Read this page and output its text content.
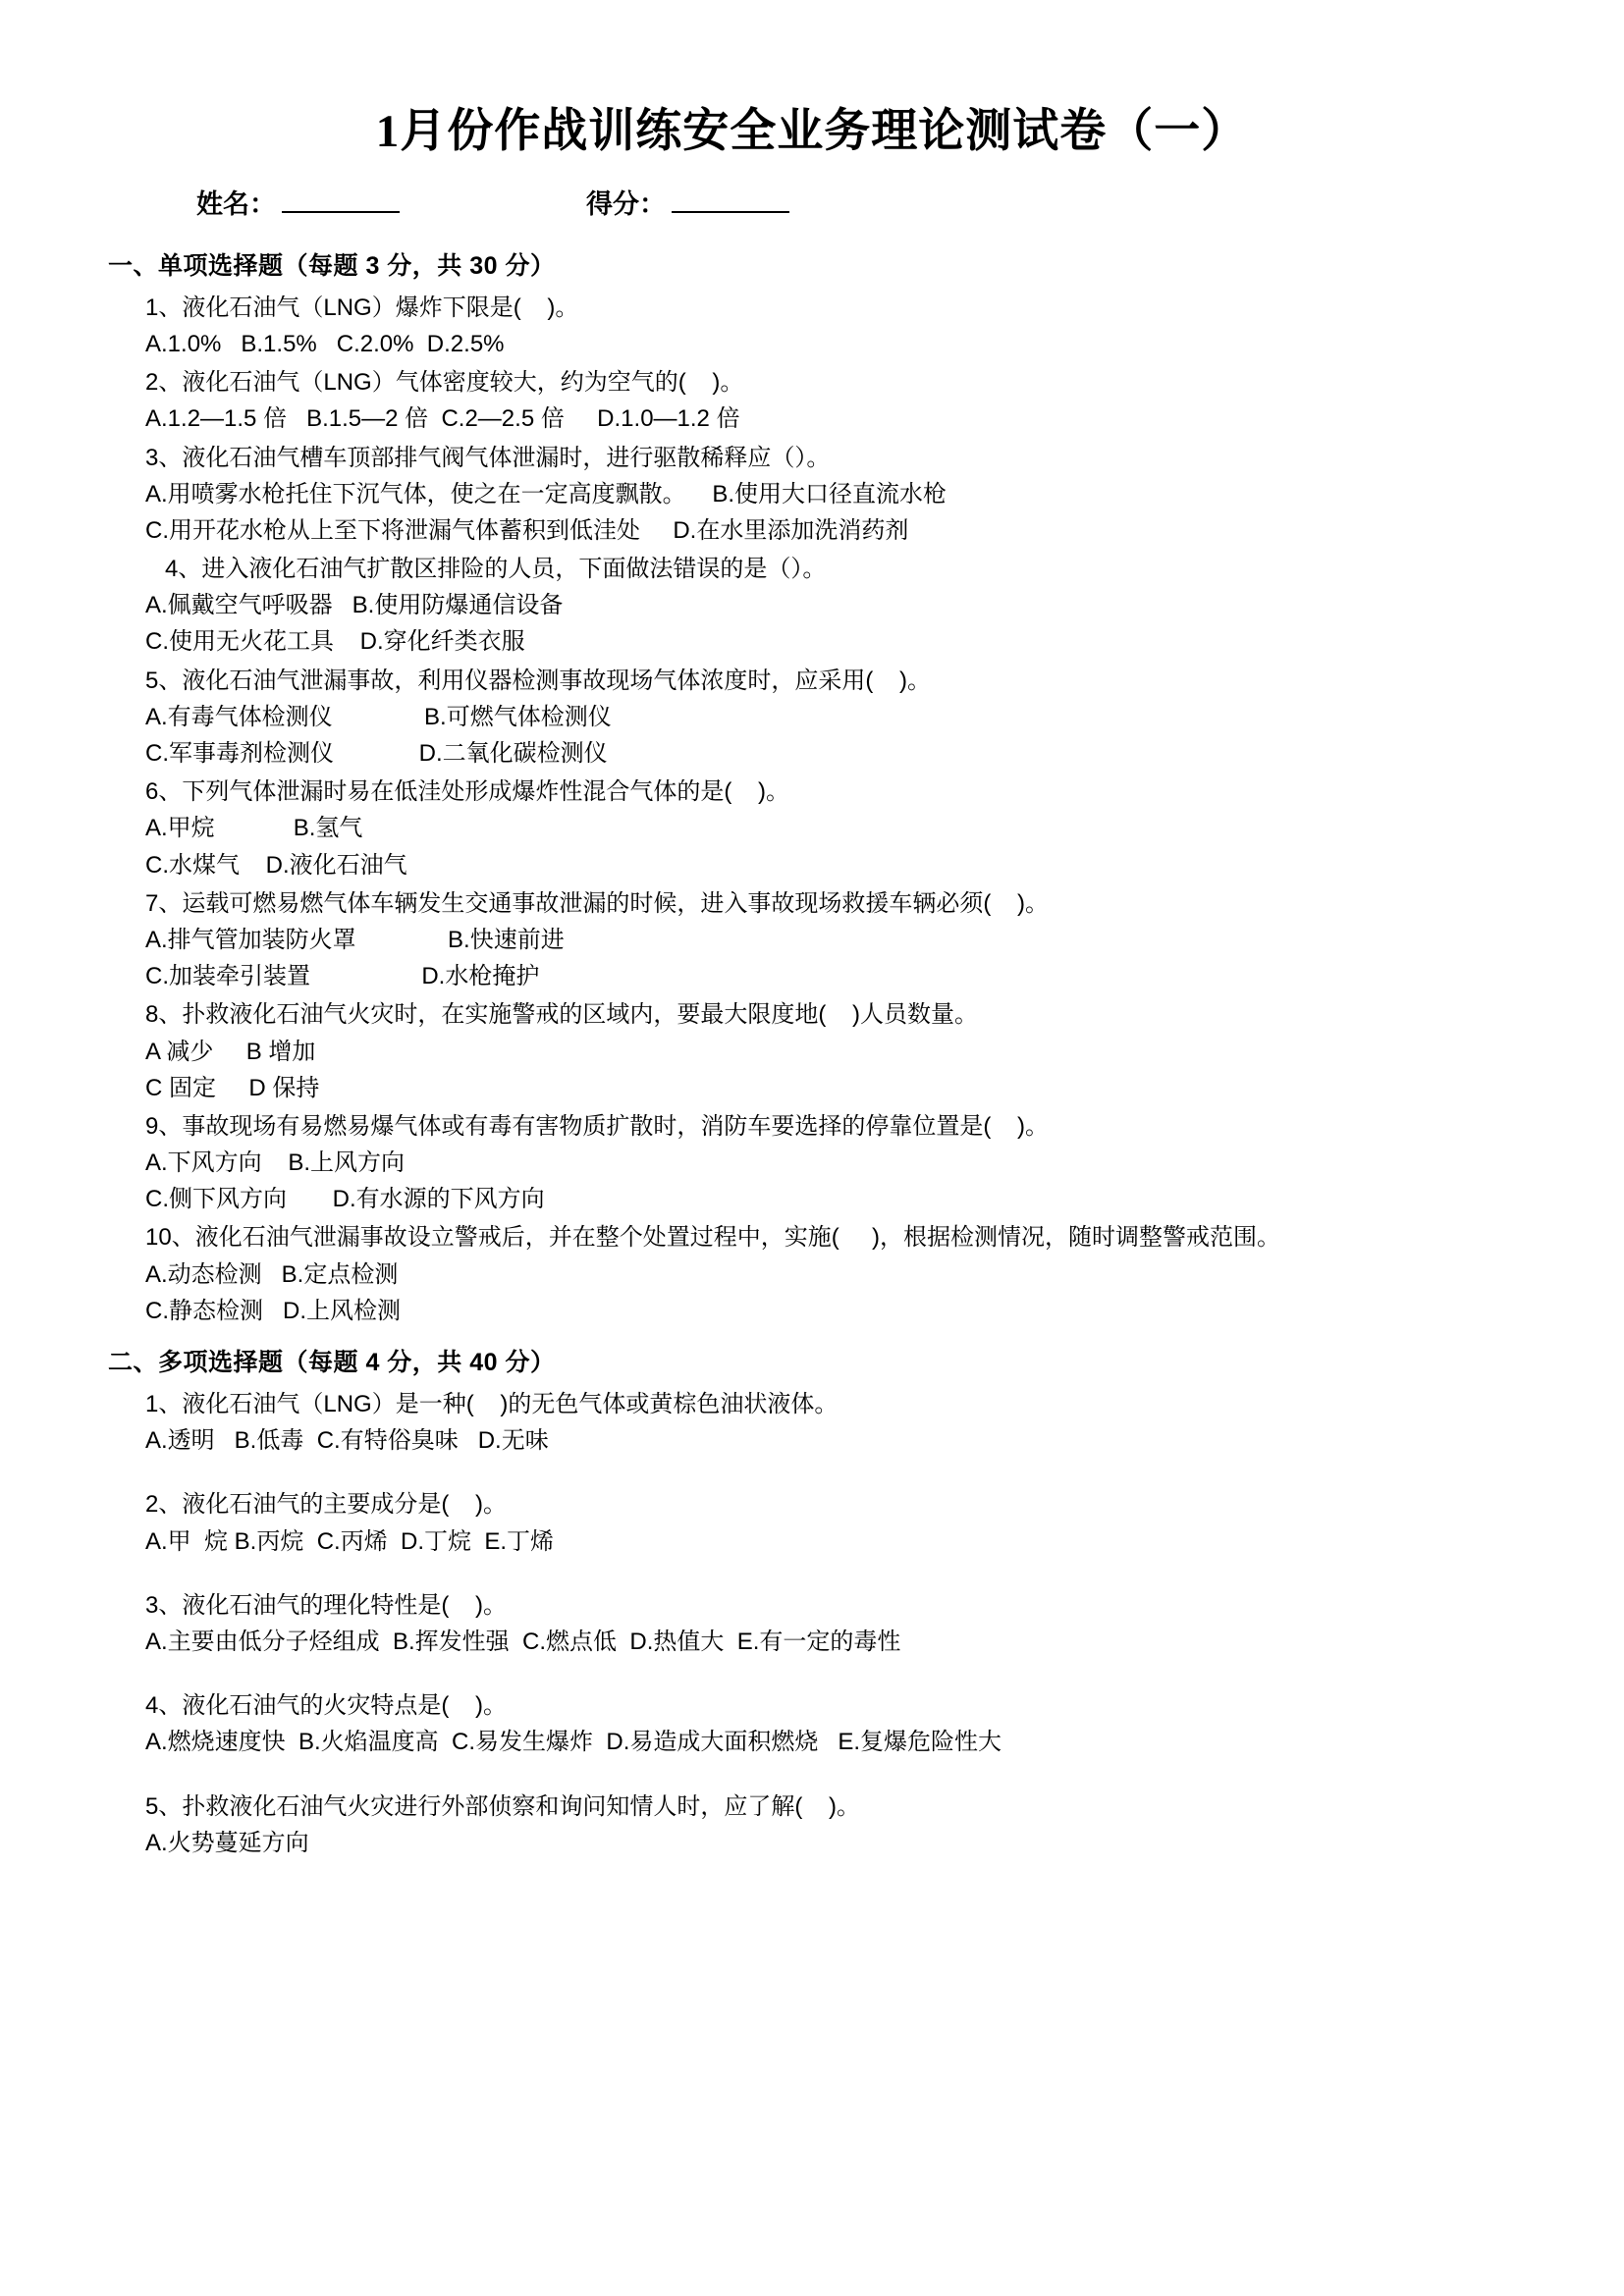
1月份作战训练安全业务理论测试卷（一）
姓名：	得分：
一、单项选择题（每题 3 分，共 30 分）

1、液化石油气（LNG）爆炸下限是(    )。

A.1.0%   B.1.5%   C.2.0%  D.2.5%

2、液化石油气（LNG）气体密度较大，约为空气的(    )。

A.1.2—1.5 倍   B.1.5—2 倍  C.2—2.5 倍     D.1.0—1.2 倍

3、液化石油气槽车顶部排气阀气体泄漏时，进行驱散稀释应（）。

A.用喷雾水枪托住下沉气体，使之在一定高度飘散。    B.使用大口径直流水枪

C.用开花水枪从上至下将泄漏气体蓄积到低洼处     D.在水里添加洗消药剂

4、进入液化石油气扩散区排险的人员，下面做法错误的是（）。

A.佩戴空气呼吸器   B.使用防爆通信设备

C.使用无火花工具    D.穿化纤类衣服

5、液化石油气泄漏事故，利用仪器检测事故现场气体浓度时，应采用(    )。

A.有毒气体检测仪              B.可燃气体检测仪

C.军事毒剂检测仪             D.二氧化碳检测仪

6、下列气体泄漏时易在低洼处形成爆炸性混合气体的是(    )。

A.甲烷            B.氢气

C.水煤气    D.液化石油气

7、运载可燃易燃气体车辆发生交通事故泄漏的时候，进入事故现场救援车辆必须(    )。

A.排气管加装防火罩              B.快速前进

C.加装牵引装置                 D.水枪掩护

8、扑救液化石油气火灾时，在实施警戒的区域内，要最大限度地(    )人员数量。

A 减少     B 增加

C 固定     D 保持

9、事故现场有易燃易爆气体或有毒有害物质扩散时，消防车要选择的停靠位置是(    )。

A.下风方向    B.上风方向

C.侧下风方向       D.有水源的下风方向

10、液化石油气泄漏事故设立警戒后，并在整个处置过程中，实施(     )，根据检测情况，随时调整警戒范围。

A.动态检测   B.定点检测

C.静态检测   D.上风检测

二、多项选择题（每题 4 分，共 40 分）

1、液化石油气（LNG）是一种(    )的无色气体或黄棕色油状液体。

A.透明   B.低毒  C.有特俗臭味   D.无味

2、液化石油气的主要成分是(    )。

A.甲  烷 B.丙烷  C.丙烯  D.丁烷  E.丁烯

3、液化石油气的理化特性是(    )。

A.主要由低分子烃组成  B.挥发性强  C.燃点低  D.热值大  E.有一定的毒性

4、液化石油气的火灾特点是(    )。

A.燃烧速度快  B.火焰温度高  C.易发生爆炸  D.易造成大面积燃烧   E.复爆危险性大

5、扑救液化石油气火灾进行外部侦察和询问知情人时，应了解(    )。

A.火势蔓延方向
